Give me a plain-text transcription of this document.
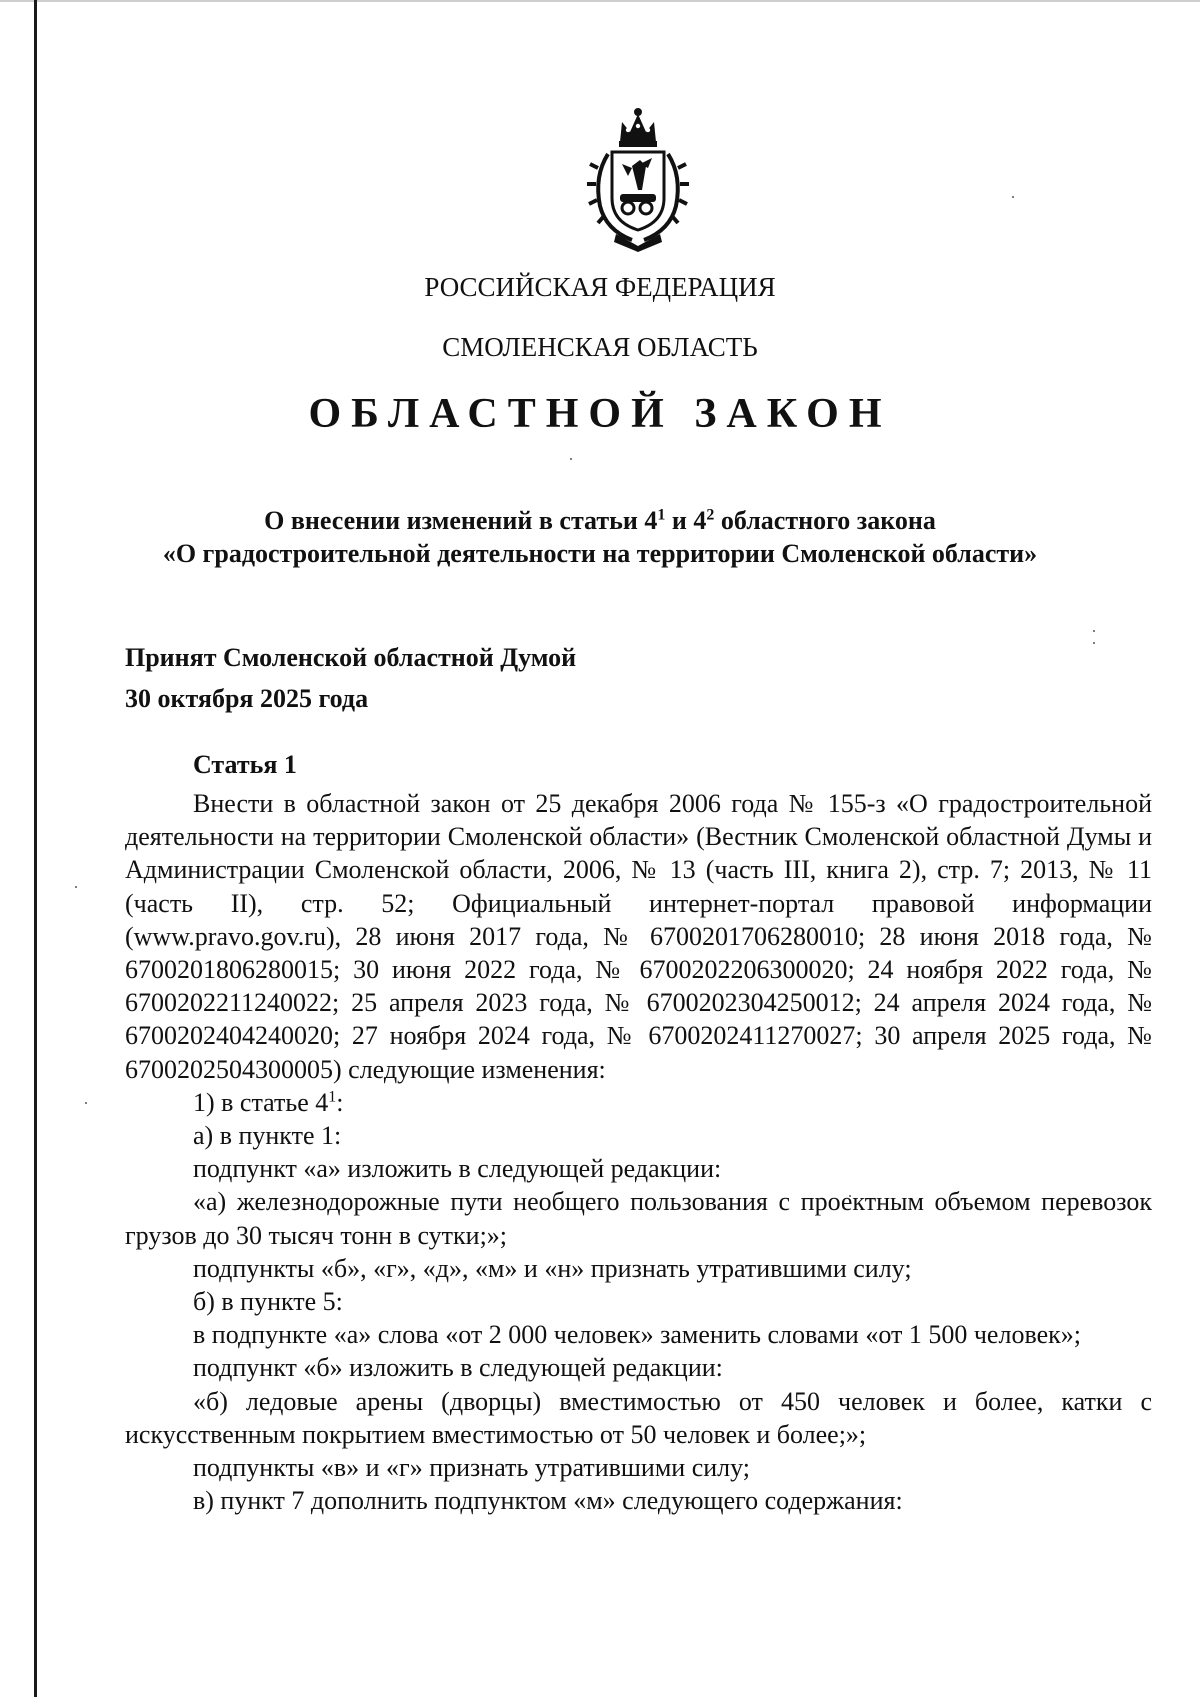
РОССИЙСКАЯ ФЕДЕРАЦИЯ
СМОЛЕНСКАЯ ОБЛАСТЬ
ОБЛАСТНОЙ ЗАКОН
О внесении изменений в статьи $4^1$ и $4^2$ областного закона
«О градостроительной деятельности на территории Смоленской области»
Принят Смоленской областной Думой
30 октября 2025 года
Статья 1

Внести в областной закон от 25 декабря 2006 года № 155-з «О градостроительной деятельности на территории Смоленской области» (Вестник Смоленской областной Думы и Администрации Смоленской области, 2006, № 13 (часть III, книга 2), стр. 7; 2013, № 11 (часть II), стр. 52; Официальный интернет-портал правовой информации (www.pravo.gov.ru), 28 июня 2017 года, № 6700201706280010; 28 июня 2018 года, № 6700201806280015; 30 июня 2022 года, № 6700202206300020; 24 ноября 2022 года, № 6700202211240022; 25 апреля 2023 года, № 6700202304250012; 24 апреля 2024 года, № 6700202404240020; 27 ноября 2024 года, № 6700202411270027; 30 апреля 2025 года, № 6700202504300005) следующие изменения:

1) в статье $4^1$:

а) в пункте 1:

подпункт «а» изложить в следующей редакции:

«а) железнодорожные пути необщего пользования с проектным объемом перевозок грузов до 30 тысяч тонн в сутки;»;

подпункты «б», «г», «д», «м» и «н» признать утратившими силу;

б) в пункте 5:

в подпункте «а» слова «от 2 000 человек» заменить словами «от 1 500 человек»;

подпункт «б» изложить в следующей редакции:

«б) ледовые арены (дворцы) вместимостью от 450 человек и более, катки с искусственным покрытием вместимостью от 50 человек и более;»;

подпункты «в» и «г» признать утратившими силу;

в) пункт 7 дополнить подпунктом «м» следующего содержания:
